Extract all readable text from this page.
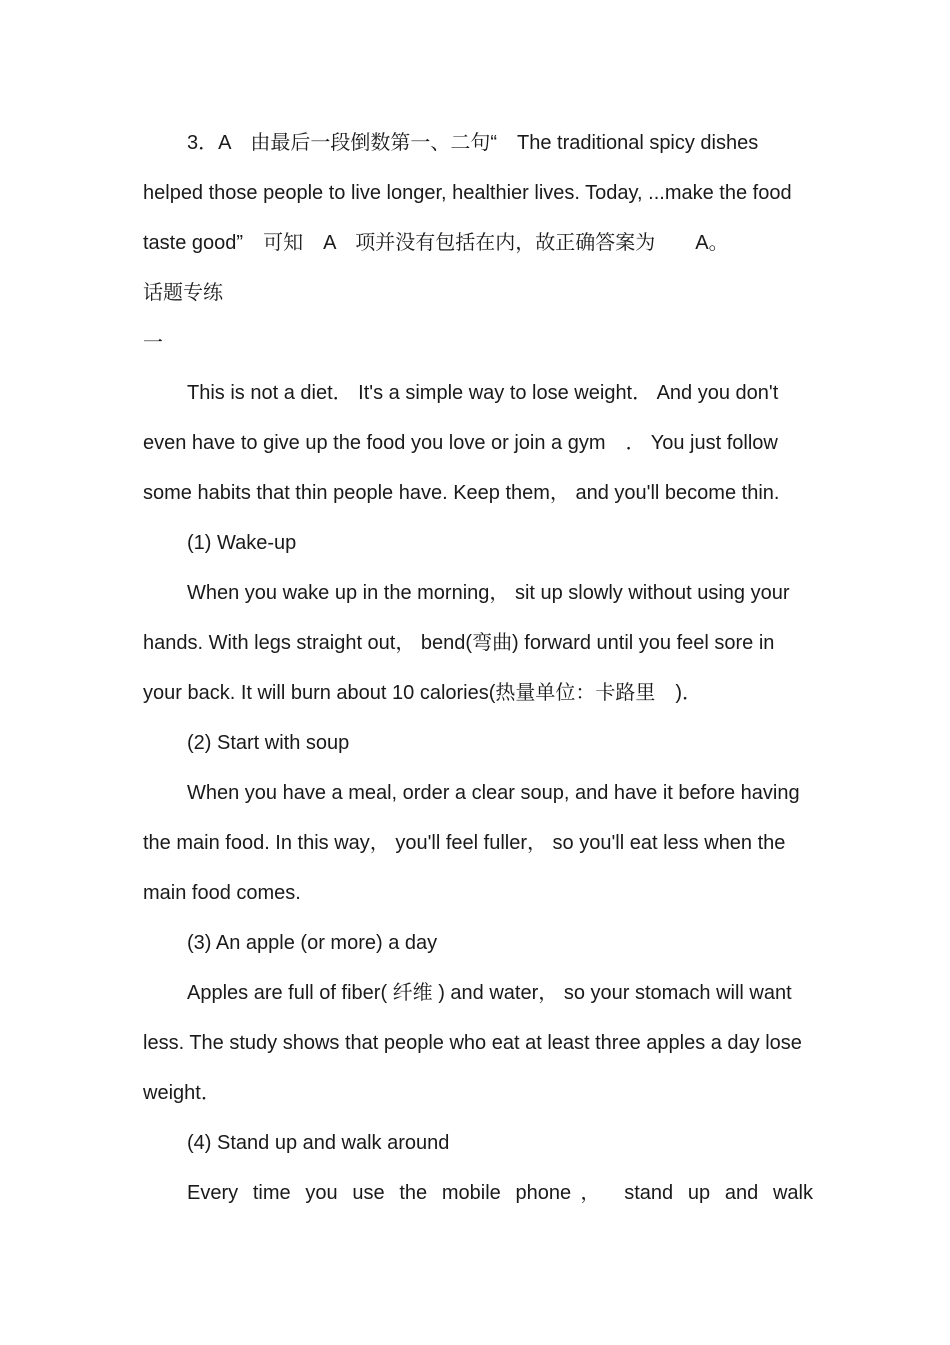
3．A　由最后一段倒数第一、二句“　The traditional spicy dishes
helped those people to live longer, healthier lives. Today, ...make the food
taste good”　可知　A　项并没有包括在内，故正确答案为　　A。
话题专练
一
This is not a diet． It's a simple way to lose weight． And you don't
even have to give up the food you love or join a gym　． You just follow
some habits that thin people have. Keep them， and you'll become thin.
(1) Wake-up
When you wake up in the morning， sit up slowly without using your
hands. With legs straight out， bend(弯曲) forward until you feel sore in
your back. It will burn about 10 calories(热量单位：卡路里　)．
(2) Start with soup
When you have a meal, order a clear soup, and have it before having
the main food. In this way， you'll feel fuller， so you'll eat less when the
main food comes.
(3) An apple (or more) a day
Apples are full of fiber( 纤维 ) and water， so your stomach will want
less. The study shows that people who eat at least three apples a day lose
weight．
(4) Stand up and walk around
Every time you use the mobile phone， stand up and walk
